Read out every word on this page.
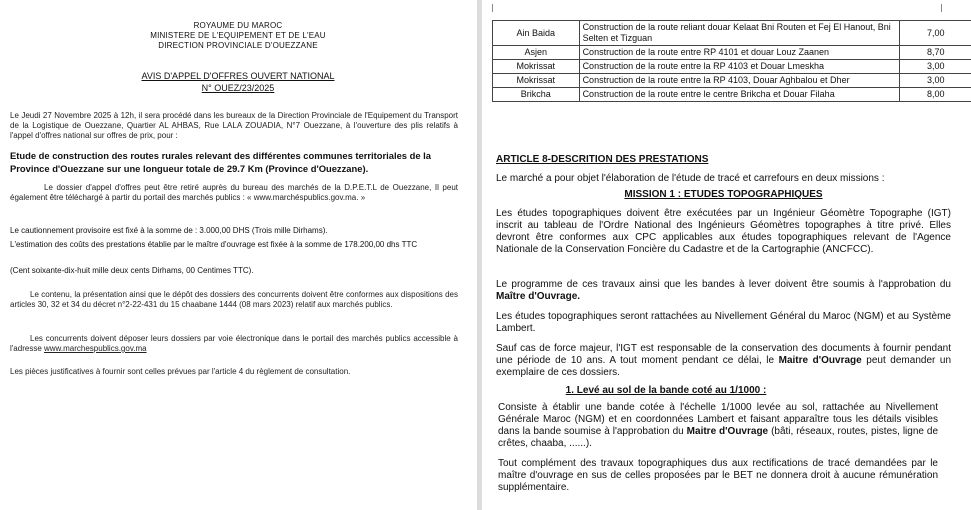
ROYAUME DU MAROC
MINISTERE DE L'EQUIPEMENT ET DE L'EAU
DIRECTION PROVINCIALE D'OUEZZANE
AVIS D'APPEL D'OFFRES OUVERT NATIONAL
N° OUEZ/23/2025
Le Jeudi 27 Novembre 2025 à 12h, il sera procédé dans les bureaux de la Direction Provinciale de l'Equipement du Transport de la Logistique de Ouezzane, Quartier AL AHBAS, Rue LALA ZOUADIA, N°7 Ouezzane, à l'ouverture des plis relatifs à l'appel d'offres national sur offres de prix, pour :
Etude de construction des routes rurales relevant des différentes communes territoriales de la Province d'Ouezzane sur une longueur totale de 29.7 Km (Province d'Ouezzane).
Le dossier d'appel d'offres peut être retiré auprès du bureau des marchés de la D.P.E.T.L de Ouezzane, Il peut également être téléchargé à partir du portail des marchés publics : « www.marchéspublics.gov.ma. »
Le cautionnement provisoire est fixé à la somme de : 3.000,00 DHS (Trois mille Dirhams).
L'estimation des coûts des prestations établie par le maître d'ouvrage est fixée à la somme de 178.200,00 dhs TTC
(Cent soixante-dix-huit mille deux cents Dirhams, 00 Centimes TTC).
Le contenu, la présentation ainsi que le dépôt des dossiers des concurrents doivent être conformes aux dispositions des articles 30, 32 et 34 du décret n°2-22-431 du 15 chaabane 1444 (08 mars 2023) relatif aux marchés publics.
Les concurrents doivent déposer leurs dossiers par voie électronique dans le portail des marchés publics accessible à l'adresse www.marchespublics.gov.ma
Les pièces justificatives à fournir sont celles prévues par l'article 4 du règlement de consultation.
Ain Baida	Construction de la route reliant douar Kelaat Bni Routen et Fej El Hanout, Bni Selten et Tizguan	7,00
Asjen	Construction de la route entre RP 4101 et douar Louz Zaanen	8,70
Mokrissat	Construction de la route entre la RP 4103 et Douar Lmeskha	3,00
Mokrissat	Construction de la route entre la RP 4103, Douar Aghbalou et Dher	3,00
Brikcha	Construction de la route entre le centre Brikcha et Douar Filaha	8,00
ARTICLE 8-DESCRITION DES PRESTATIONS
Le marché a pour objet l'élaboration de l'étude de tracé et carrefours en deux missions :
MISSION 1 : ETUDES TOPOGRAPHIQUES
Les études topographiques doivent être exécutées par un Ingénieur Géomètre Topographe (IGT) inscrit au tableau de l'Ordre National des Ingénieurs Géomètres topographes à titre privé. Elles devront être conformes aux CPC applicables aux études topographiques relevant de l'Agence Nationale de la Conservation Foncière du Cadastre et de la Cartographie (ANCFCC).
Le programme de ces travaux ainsi que les bandes à lever doivent être soumis à l'approbation du Maître d'Ouvrage.
Les études topographiques seront rattachées au Nivellement Général du Maroc (NGM) et au Système Lambert.
Sauf cas de force majeur, l'IGT est responsable de la conservation des documents à fournir pendant une période de 10 ans. A tout moment pendant ce délai, le Maitre d'Ouvrage peut demander un exemplaire de ces dossiers.
1. Levé au sol de la bande coté au 1/1000 :
Consiste à établir une bande cotée à l'échelle 1/1000 levée au sol, rattachée au Nivellement Générale Maroc (NGM) et en coordonnées Lambert et faisant apparaître tous les détails visibles dans la bande soumise à l'approbation du Maitre d'Ouvrage (bâti, réseaux, routes, pistes, ligne de crêtes, chaaba, ......).
Tout complément des travaux topographiques dus aux rectifications de tracé demandées par le maître d'ouvrage en sus de celles proposées par le BET ne donnera droit à aucune rémunération supplémentaire.
